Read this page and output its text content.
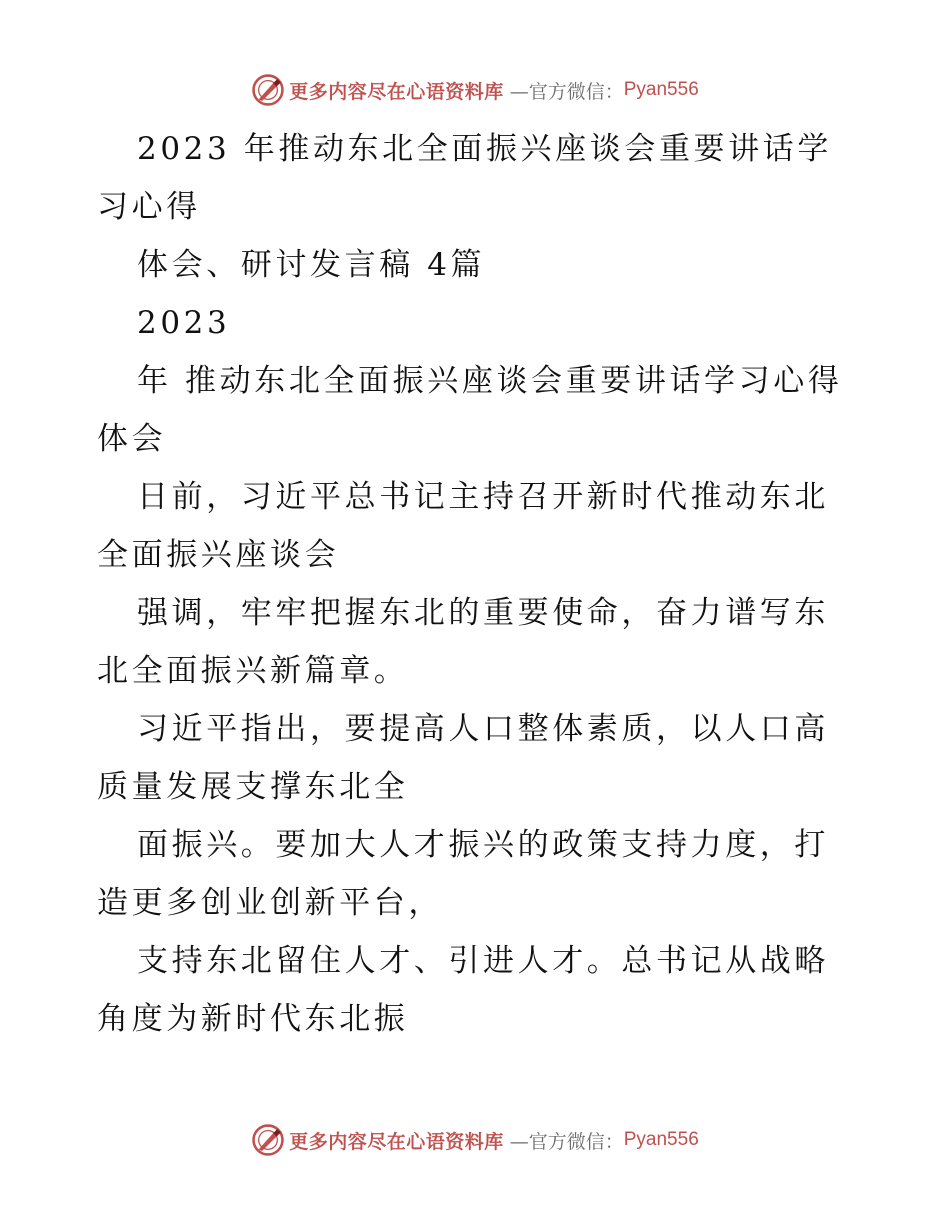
更多内容尽在心语资料库 —官方微信： Pyan556

2023 年推动东北全面振兴座谈会重要讲话学习心得

体会、研讨发言稿 4篇

2023

年 推动东北全面振兴座谈会重要讲话学习心得体会

日前，习近平总书记主持召开新时代推动东北全面振兴座谈会

强调，牢牢把握东北的重要使命，奋力谱写东北全面振兴新篇章。

习近平指出，要提高人口整体素质，以人口高质量发展支撑东北全

面振兴。要加大人才振兴的政策支持力度，打造更多创业创新平台，

支持东北留住人才、引进人才。总书记从战略角度为新时代东北振

更多内容尽在心语资料库 —官方微信： Pyan556
